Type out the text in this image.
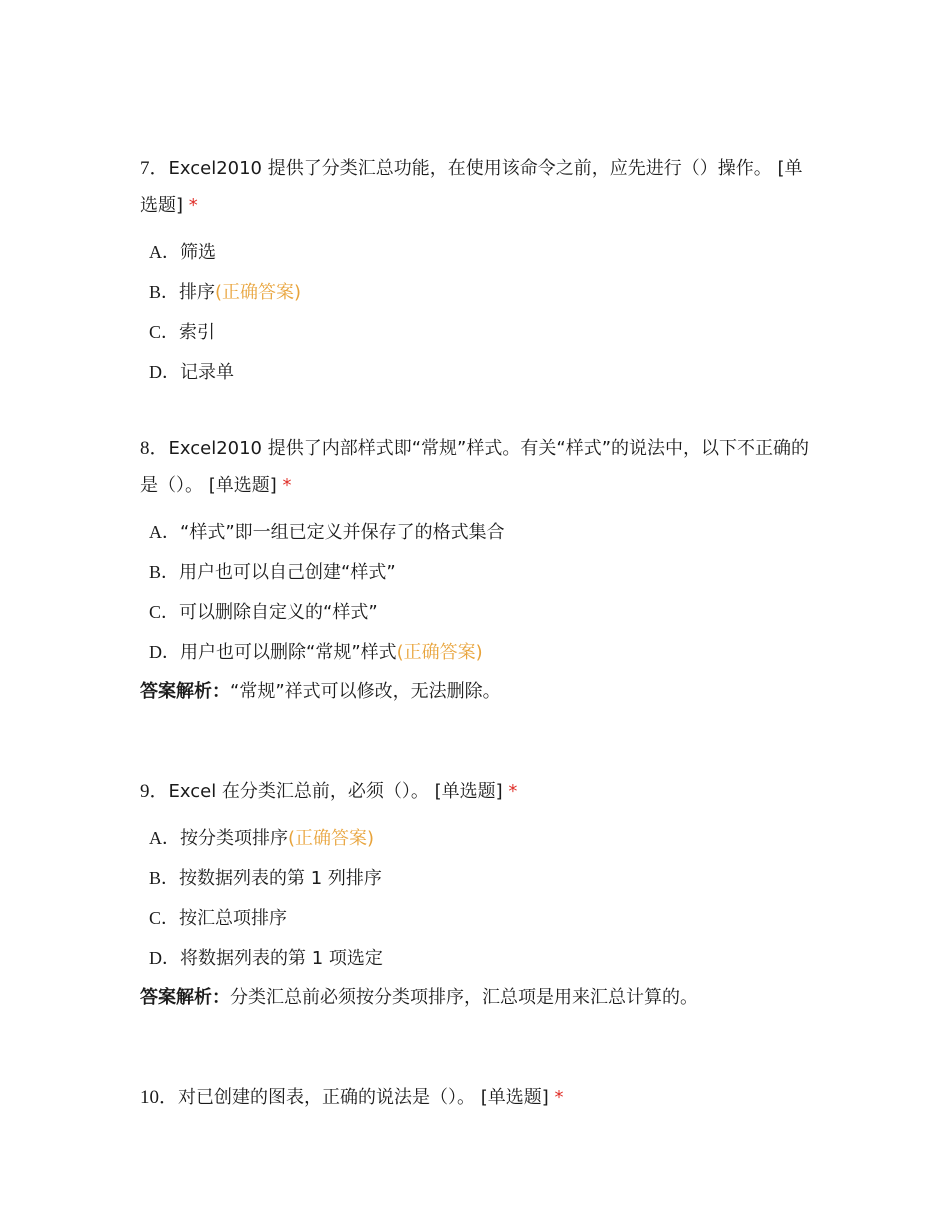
7．Excel2010 提供了分类汇总功能，在使用该命令之前，应先进行（）操作。 [单
选题] *
A．筛选
B．排序(正确答案)
C．索引
D．记录单
8．Excel2010 提供了内部样式即“常规”样式。有关“样式”的说法中，以下不正确的
是（）。 [单选题] *
A．“样式”即一组已定义并保存了的格式集合
B．用户也可以自己创建“样式”
C．可以删除自定义的“样式”
D．用户也可以删除“常规”样式(正确答案)
答案解析：“常规”祥式可以修改，无法删除。
9．Excel 在分类汇总前，必须（）。 [单选题] *
A．按分类项排序(正确答案)
B．按数据列表的第 1 列排序
C．按汇总项排序
D．将数据列表的第 1 项选定
答案解析：分类汇总前必须按分类项排序，汇总项是用来汇总计算的。
10．对已创建的图表，正确的说法是（）。 [单选题] *
